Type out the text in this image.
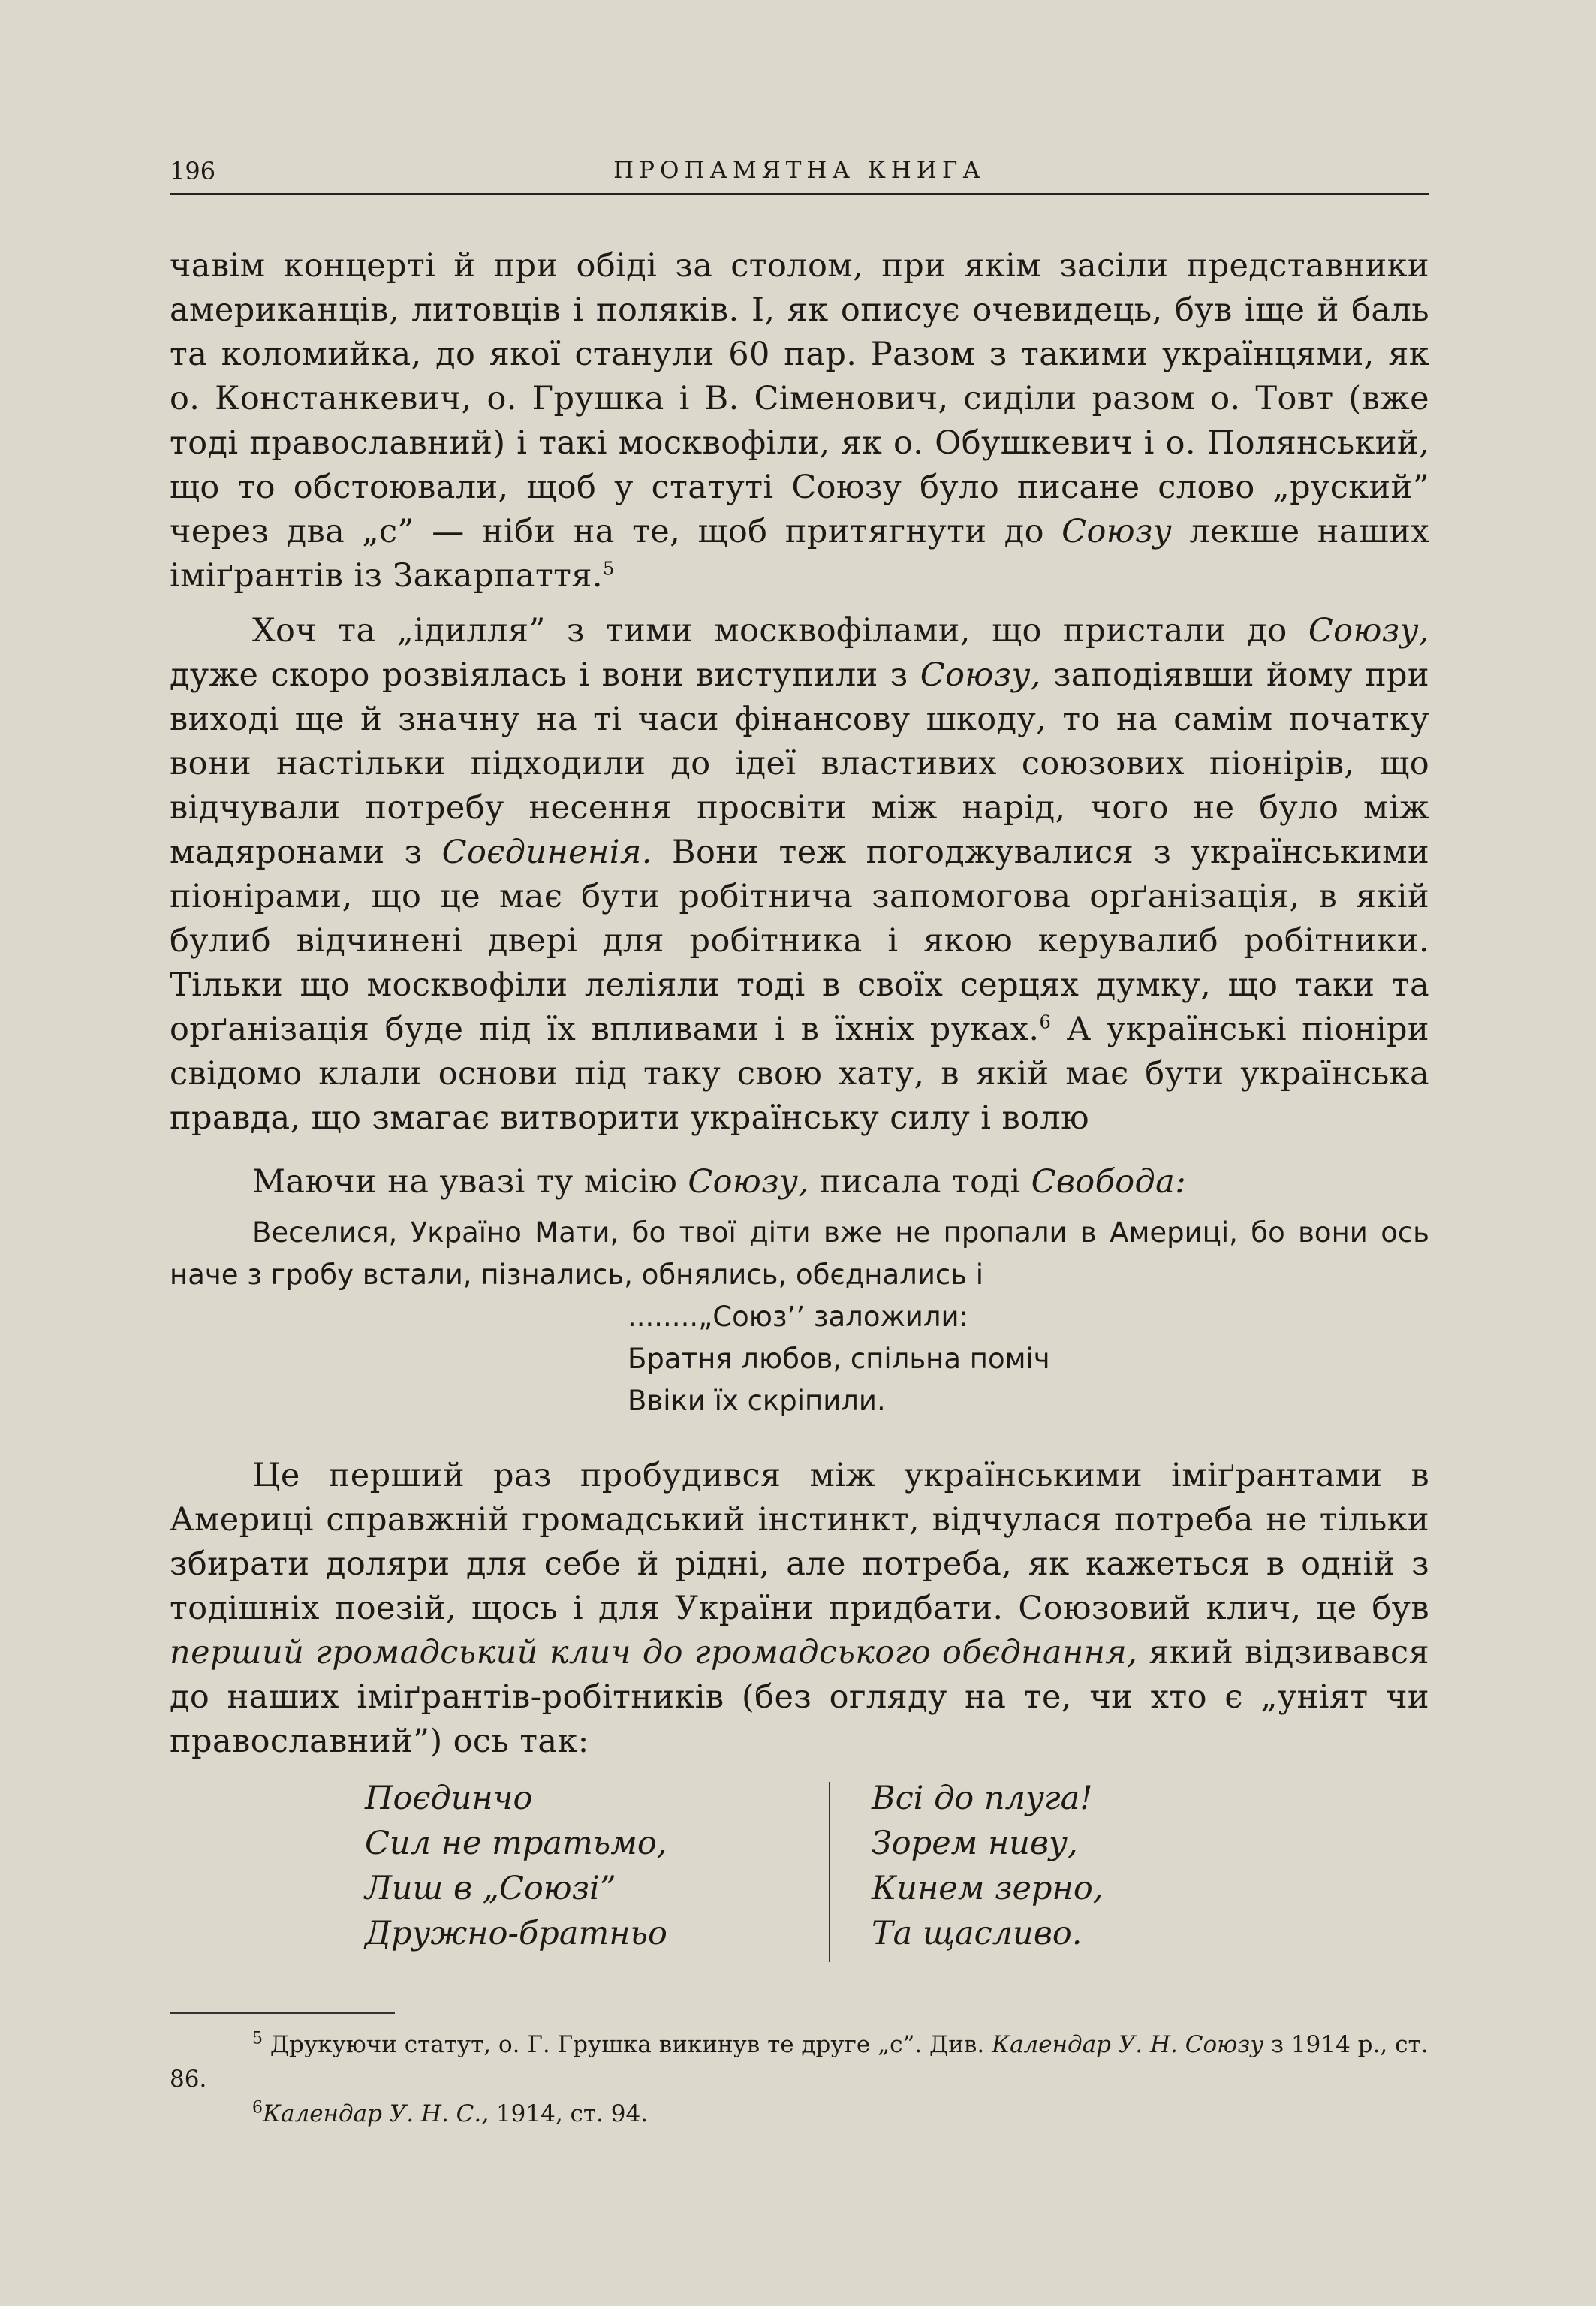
196	ПРОПАМЯТНА КНИГА

чавім концерті й при обіді за столом, при якім засіли представники американців, литовців і поляків. І, як описує очевидець, був іще й баль та коломийка, до якої станули 60 пар. Разом з такими українцями, як о. Констанкевич, о. Грушка і В. Сіменович, сиділи разом о. Товт (вже тоді православний) і такі москвофіли, як о. Обушкевич і о. Полянський, що то обстоювали, щоб у статуті Союзу було писане слово „руский” через два „с” — ніби на те, щоб притягнути до Союзу лекше наших іміґрантів із Закарпаття.$^5$

Хоч та „ідилля” з тими москвофілами, що пристали до Союзу, дуже скоро розвіялась і вони виступили з Союзу, заподіявши йому при виході ще й значну на ті часи фінансову шкоду, то на самім початку вони настільки підходили до ідеї властивих союзових піонірів, що відчували потребу несення просвіти між нарід, чого не було між мадяронами з Соєдиненія. Вони теж погоджувалися з українськими піонірами, що це має бути робітнича запомогова орґанізація, в якій булиб відчинені двері для робітника і якою керувалиб робітники. Тільки що москвофіли леліяли тоді в своїх серцях думку, що таки та орґанізація буде під їх впливами і в їхніх руках.$^6$ А українські піоніри свідомо клали основи під таку свою хату, в якій має бути українська правда, що змагає витворити українську силу і волю

Маючи на увазі ту місію Союзу, писала тоді Свобода:

Веселися, Україно Мати, бо твої діти вже не пропали в Америці, бо вони ось наче з гробу встали, пізнались, обнялись, обєднались і
........„Союз’’ заложили:
Братня любов, спільна поміч
Ввіки їх скріпили.

Це перший раз пробудився між українськими іміґрантами в Америці справжній громадський інстинкт, відчулася потреба не тільки збирати доляри для себе й рідні, але потреба, як кажеться в одній з тодішніх поезій, щось і для України придбати. Союзовий клич, це був перший громадський клич до громадського обєднання, який відзивався до наших іміґрантів-робітників (без огляду на те, чи хто є „уніят чи православний”) ось так:

Поєдинчо
Сил не тратьмо,
Лиш в „Союзі”
Дружно-братньо
Всі до плуга!
Зорем ниву,
Кинем зерно,
Та щасливо.

$^5$ Друкуючи статут, о. Г. Грушка викинув те друге „с”. Див. Календар У. Н. Союзу з 1914 р., ст. 86.

$^6$Календар У. Н. С., 1914, ст. 94.
